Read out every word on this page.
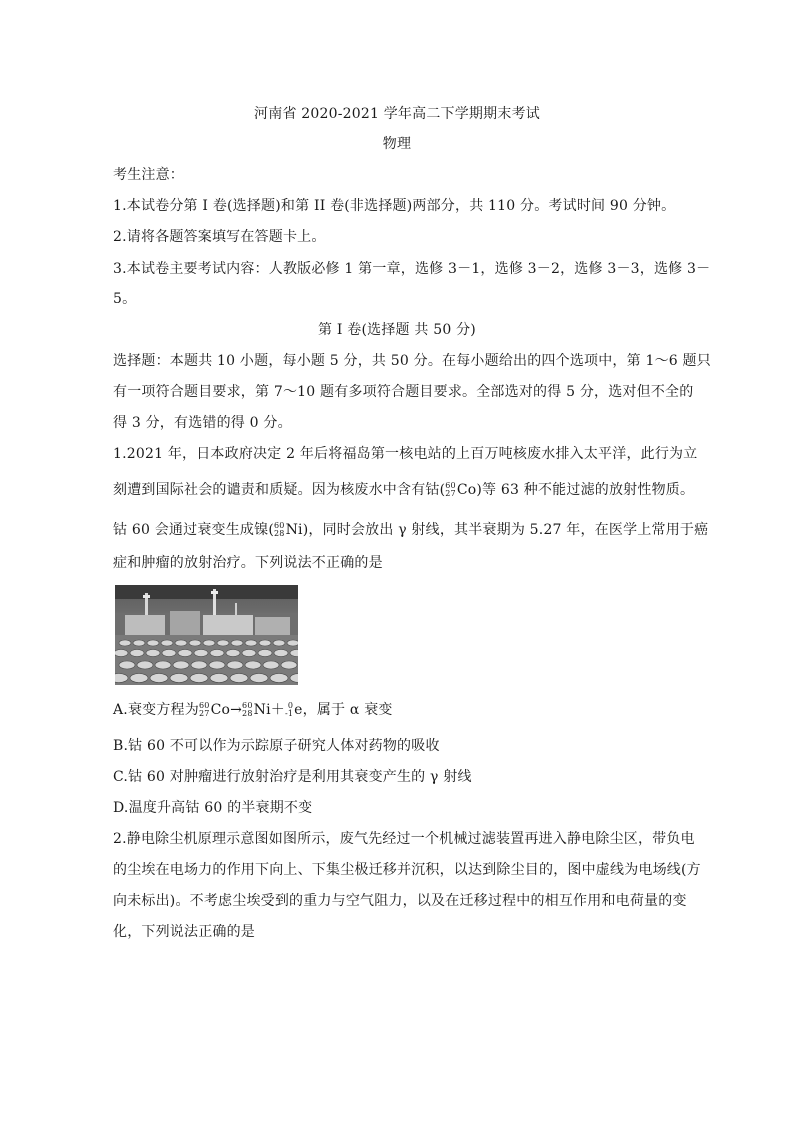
河南省 2020-2021 学年高二下学期期末考试
物理
考生注意：
1.本试卷分第 I 卷(选择题)和第 II 卷(非选择题)两部分，共 110 分。考试时间 90 分钟。
2.请将各题答案填写在答题卡上。
3.本试卷主要考试内容：人教版必修 1 第一章，选修 3－1，选修 3－2，选修 3－3，选修 3－
5。
第 I 卷(选择题 共 50 分)
选择题：本题共 10 小题，每小题 5 分，共 50 分。在每小题给出的四个选项中，第 1～6 题只
有一项符合题目要求，第 7～10 题有多项符合题目要求。全部选对的得 5 分，选对但不全的
得 3 分，有选错的得 0 分。
1.2021 年，日本政府决定 2 年后将福岛第一核电站的上百万吨核废水排入太平洋，此行为立
刻遭到国际社会的谴责和质疑。因为核废水中含有钴( 60
27 Co)等 63 种不能过滤的放射性物质。
钴 60 会通过衰变生成镍( 60
28 Ni)，同时会放出 γ 射线，其半衰期为 5.27 年，在医学上常用于癌
症和肿瘤的放射治疗。下列说法不正确的是
A.衰变方程为 60
27 Co→ 60
28 Ni＋ 0
-1 e，属于 α 衰变
B.钴 60 不可以作为示踪原子研究人体对药物的吸收
C.钴 60 对肿瘤进行放射治疗是利用其衰变产生的 γ 射线
D.温度升高钴 60 的半衰期不变
2.静电除尘机原理示意图如图所示，废气先经过一个机械过滤装置再进入静电除尘区，带负电
的尘埃在电场力的作用下向上、下集尘极迁移并沉积，以达到除尘目的，图中虚线为电场线(方
向未标出)。不考虑尘埃受到的重力与空气阻力，以及在迁移过程中的相互作用和电荷量的变
化，下列说法正确的是
